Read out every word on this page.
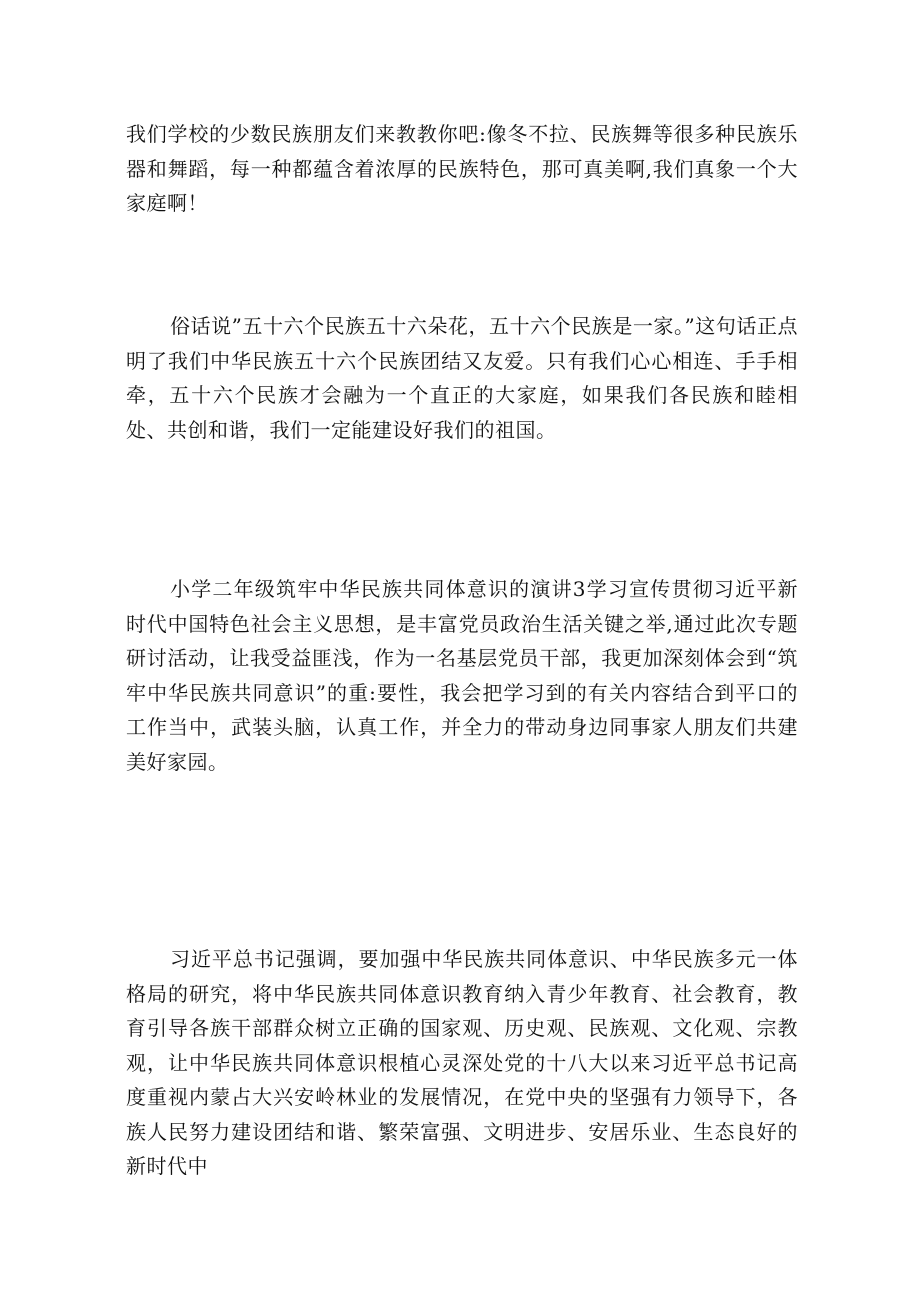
我们学校的少数民族朋友们来教教你吧:像冬不拉、民族舞等很多种民族乐器和舞蹈，每一种都蕴含着浓厚的民族特色，那可真美啊,我们真象一个大家庭啊！

俗话说”五十六个民族五十六朵花，五十六个民族是一家。”这句话正点明了我们中华民族五十六个民族团结又友爱。只有我们心心相连、手手相牵，五十六个民族才会融为一个直正的大家庭，如果我们各民族和睦相处、共创和谐，我们一定能建设好我们的祖国。

小学二年级筑牢中华民族共同体意识的演讲3学习宣传贯彻习近平新时代中国特色社会主义思想，是丰富党员政治生活关键之举,通过此次专题研讨活动，让我受益匪浅，作为一名基层党员干部，我更加深刻体会到“筑牢中华民族共同意识”的重:要性，我会把学习到的有关内容结合到平口的工作当中，武装头脑，认真工作，并全力的带动身边同事家人朋友们共建美好家园。

习近平总书记强调，要加强中华民族共同体意识、中华民族多元一体格局的研究，将中华民族共同体意识教育纳入青少年教育、社会教育，教育引导各族干部群众树立正确的国家观、历史观、民族观、文化观、宗教观，让中华民族共同体意识根植心灵深处党的十八大以来习近平总书记高度重视内蒙占大兴安岭林业的发展情况，在党中央的坚强有力领导下，各族人民努力建设团结和谐、繁荣富强、文明进步、安居乐业、生态良好的新时代中
